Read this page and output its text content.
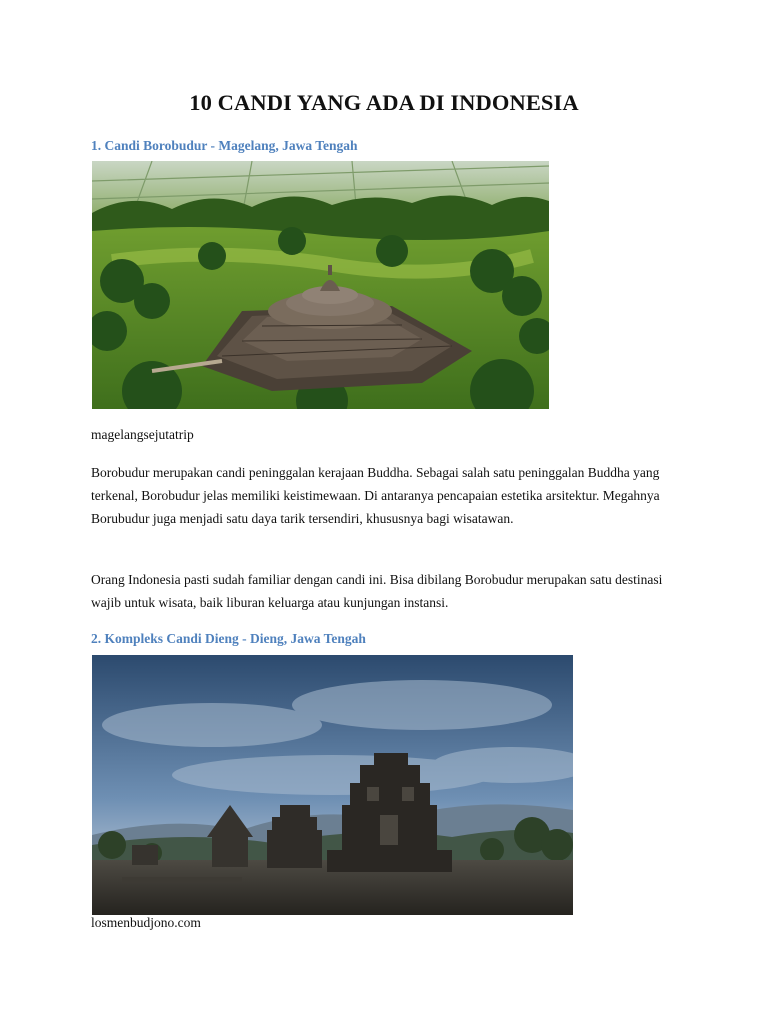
10 CANDI YANG ADA DI INDONESIA
1. Candi Borobudur - Magelang, Jawa Tengah

magelangsejutatrip

Borobudur merupakan candi peninggalan kerajaan Buddha. Sebagai salah satu peninggalan Buddha yang terkenal, Borobudur jelas memiliki keistimewaan. Di antaranya pencapaian estetika arsitektur. Megahnya Borubudur juga menjadi satu daya tarik tersendiri, khususnya bagi wisatawan.

Orang Indonesia pasti sudah familiar dengan candi ini. Bisa dibilang Borobudur merupakan satu destinasi wajib untuk wisata, baik liburan keluarga atau kunjungan instansi.

2. Kompleks Candi Dieng - Dieng, Jawa Tengah

losmenbudjono.com
